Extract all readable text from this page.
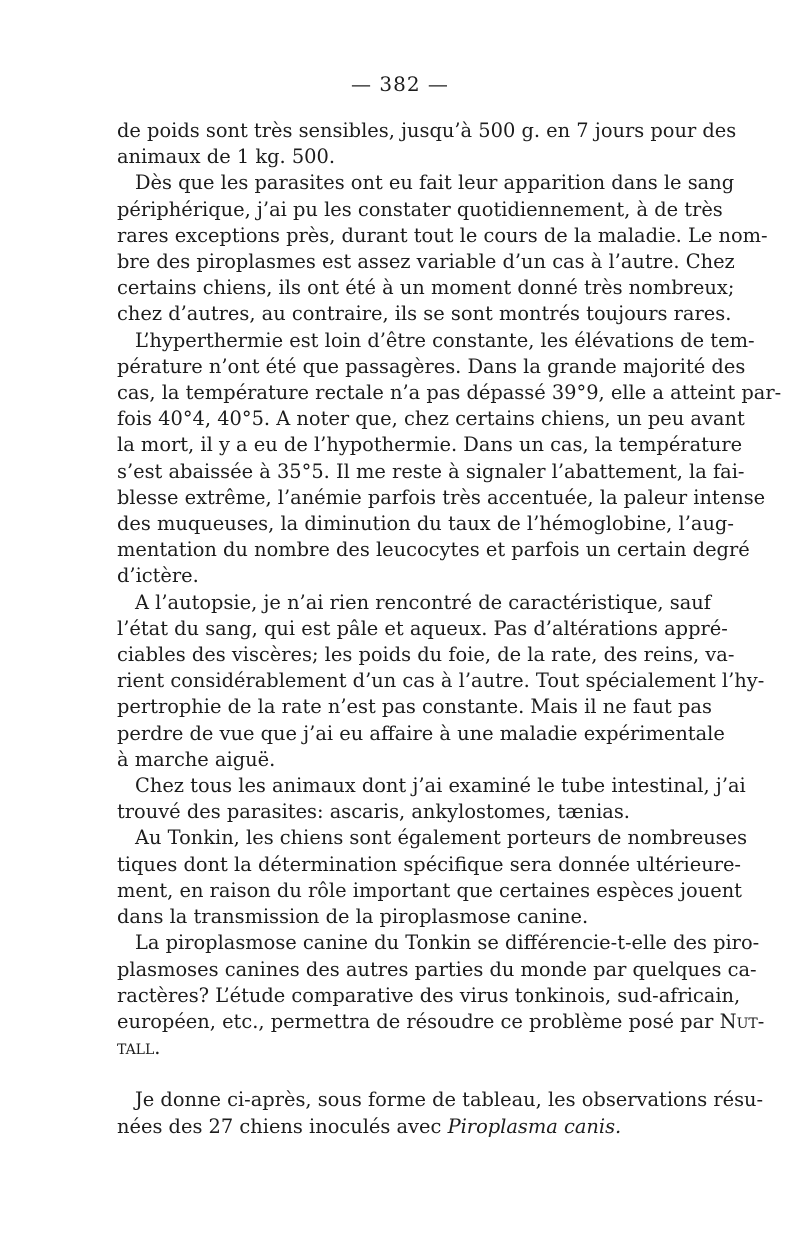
— 382 —
de poids sont très sensibles, jusqu’à 500 g. en 7 jours pour des
animaux de 1 kg. 500.
Dès que les parasites ont eu fait leur apparition dans le sang
périphérique, j’ai pu les constater quotidiennement, à de très
rares exceptions près, durant tout le cours de la maladie. Le nom-
bre des piroplasmes est assez variable d’un cas à l’autre. Chez
certains chiens, ils ont été à un moment donné très nombreux;
chez d’autres, au contraire, ils se sont montrés toujours rares.
L’hyperthermie est loin d’être constante, les élévations de tem-
pérature n’ont été que passagères. Dans la grande majorité des
cas, la température rectale n’a pas dépassé 39°9, elle a atteint par-
fois 40°4, 40°5. A noter que, chez certains chiens, un peu avant
la mort, il y a eu de l’hypothermie. Dans un cas, la température
s’est abaissée à 35°5. Il me reste à signaler l’abattement, la fai-
blesse extrême, l’anémie parfois très accentuée, la paleur intense
des muqueuses, la diminution du taux de l’hémoglobine, l’aug-
mentation du nombre des leucocytes et parfois un certain degré
d’ictère.
A l’autopsie, je n’ai rien rencontré de caractéristique, sauf
l’état du sang, qui est pâle et aqueux. Pas d’altérations appré-
ciables des viscères; les poids du foie, de la rate, des reins, va-
rient considérablement d’un cas à l’autre. Tout spécialement l’hy-
pertrophie de la rate n’est pas constante. Mais il ne faut pas
perdre de vue que j’ai eu affaire à une maladie expérimentale
à marche aiguë.
Chez tous les animaux dont j’ai examiné le tube intestinal, j’ai
trouvé des parasites: ascaris, ankylostomes, tænias.
Au Tonkin, les chiens sont également porteurs de nombreuses
tiques dont la détermination spécifique sera donnée ultérieure-
ment, en raison du rôle important que certaines espèces jouent
dans la transmission de la piroplasmose canine.
La piroplasmose canine du Tonkin se différencie-t-elle des piro-
plasmoses canines des autres parties du monde par quelques ca-
ractères? L’étude comparative des virus tonkinois, sud-africain,
européen, etc., permettra de résoudre ce problème posé par Nut-
tall.
Je donne ci-après, sous forme de tableau, les observations résu-
nées des 27 chiens inoculés avec Piroplasma canis.
